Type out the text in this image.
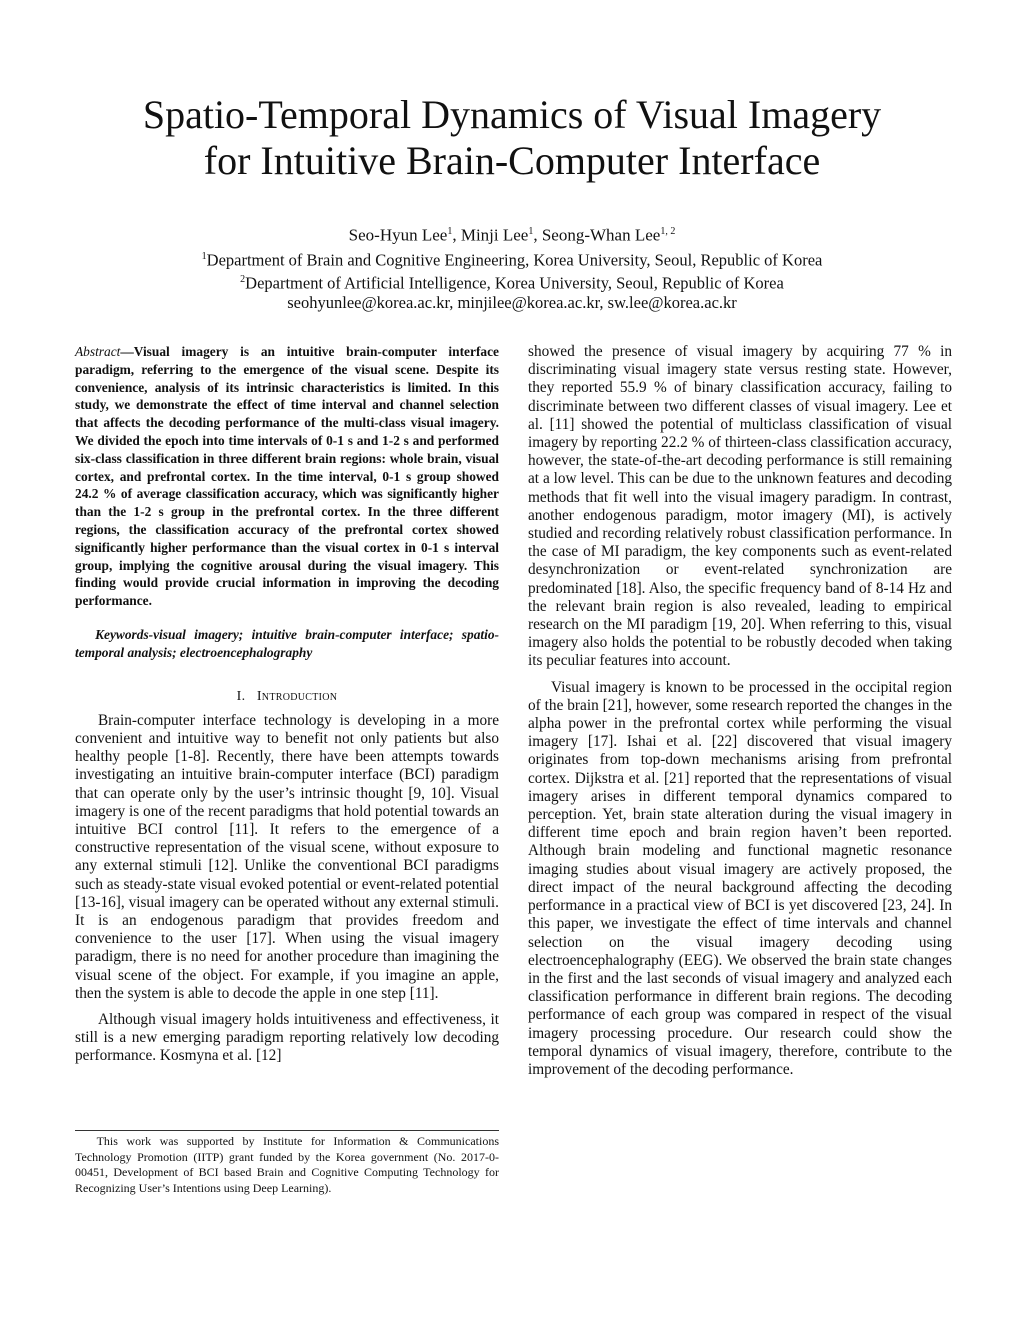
Spatio-Temporal Dynamics of Visual Imagery
for Intuitive Brain-Computer Interface
Seo-Hyun Lee$^1$, Minji Lee$^1$, Seong-Whan Lee$^{1, 2}$
$^1$Department of Brain and Cognitive Engineering, Korea University, Seoul, Republic of Korea
$^2$Department of Artificial Intelligence, Korea University, Seoul, Republic of Korea
seohyunlee@korea.ac.kr, minjilee@korea.ac.kr, sw.lee@korea.ac.kr

Abstract—Visual imagery is an intuitive brain-computer interface paradigm, referring to the emergence of the visual scene. Despite its convenience, analysis of its intrinsic characteristics is limited. In this study, we demonstrate the effect of time interval and channel selection that affects the decoding performance of the multi-class visual imagery. We divided the epoch into time intervals of 0-1 s and 1-2 s and performed six-class classification in three different brain regions: whole brain, visual cortex, and prefrontal cortex. In the time interval, 0-1 s group showed 24.2 % of average classification accuracy, which was significantly higher than the 1-2 s group in the prefrontal cortex. In the three different regions, the classification accuracy of the prefrontal cortex showed significantly higher performance than the visual cortex in 0-1 s interval group, implying the cognitive arousal during the visual imagery. This finding would provide crucial information in improving the decoding performance.

Keywords-visual imagery; intuitive brain-computer interface; spatio-temporal analysis; electroencephalography

I. Introduction

Brain-computer interface technology is developing in a more convenient and intuitive way to benefit not only patients but also healthy people [1-8]. Recently, there have been attempts towards investigating an intuitive brain-computer interface (BCI) paradigm that can operate only by the user’s intrinsic thought [9, 10]. Visual imagery is one of the recent paradigms that hold potential towards an intuitive BCI control [11]. It refers to the emergence of a constructive representation of the visual scene, without exposure to any external stimuli [12]. Unlike the conventional BCI paradigms such as steady-state visual evoked potential or event-related potential [13-16], visual imagery can be operated without any external stimuli. It is an endogenous paradigm that provides freedom and convenience to the user [17]. When using the visual imagery paradigm, there is no need for another procedure than imagining the visual scene of the object. For example, if you imagine an apple, then the system is able to decode the apple in one step [11].

Although visual imagery holds intuitiveness and effectiveness, it still is a new emerging paradigm reporting relatively low decoding performance. Kosmyna et al. [12]

This work was supported by Institute for Information & Communications Technology Promotion (IITP) grant funded by the Korea government (No. 2017-0-00451, Development of BCI based Brain and Cognitive Computing Technology for Recognizing User’s Intentions using Deep Learning).

showed the presence of visual imagery by acquiring 77 % in discriminating visual imagery state versus resting state. However, they reported 55.9 % of binary classification accuracy, failing to discriminate between two different classes of visual imagery. Lee et al. [11] showed the potential of multiclass classification of visual imagery by reporting 22.2 % of thirteen-class classification accuracy, however, the state-of-the-art decoding performance is still remaining at a low level. This can be due to the unknown features and decoding methods that fit well into the visual imagery paradigm. In contrast, another endogenous paradigm, motor imagery (MI), is actively studied and recording relatively robust classification performance. In the case of MI paradigm, the key components such as event-related desynchronization or event-related synchronization are predominated [18]. Also, the specific frequency band of 8-14 Hz and the relevant brain region is also revealed, leading to empirical research on the MI paradigm [19, 20]. When referring to this, visual imagery also holds the potential to be robustly decoded when taking its peculiar features into account.

Visual imagery is known to be processed in the occipital region of the brain [21], however, some research reported the changes in the alpha power in the prefrontal cortex while performing the visual imagery [17]. Ishai et al. [22] discovered that visual imagery originates from top-down mechanisms arising from prefrontal cortex. Dijkstra et al. [21] reported that the representations of visual imagery arises in different temporal dynamics compared to perception. Yet, brain state alteration during the visual imagery in different time epoch and brain region haven’t been reported. Although brain modeling and functional magnetic resonance imaging studies about visual imagery are actively proposed, the direct impact of the neural background affecting the decoding performance in a practical view of BCI is yet discovered [23, 24]. In this paper, we investigate the effect of time intervals and channel selection on the visual imagery decoding using electroencephalography (EEG). We observed the brain state changes in the first and the last seconds of visual imagery and analyzed each classification performance in different brain regions. The decoding performance of each group was compared in respect of the visual imagery processing procedure. Our research could show the temporal dynamics of visual imagery, therefore, contribute to the improvement of the decoding performance.
